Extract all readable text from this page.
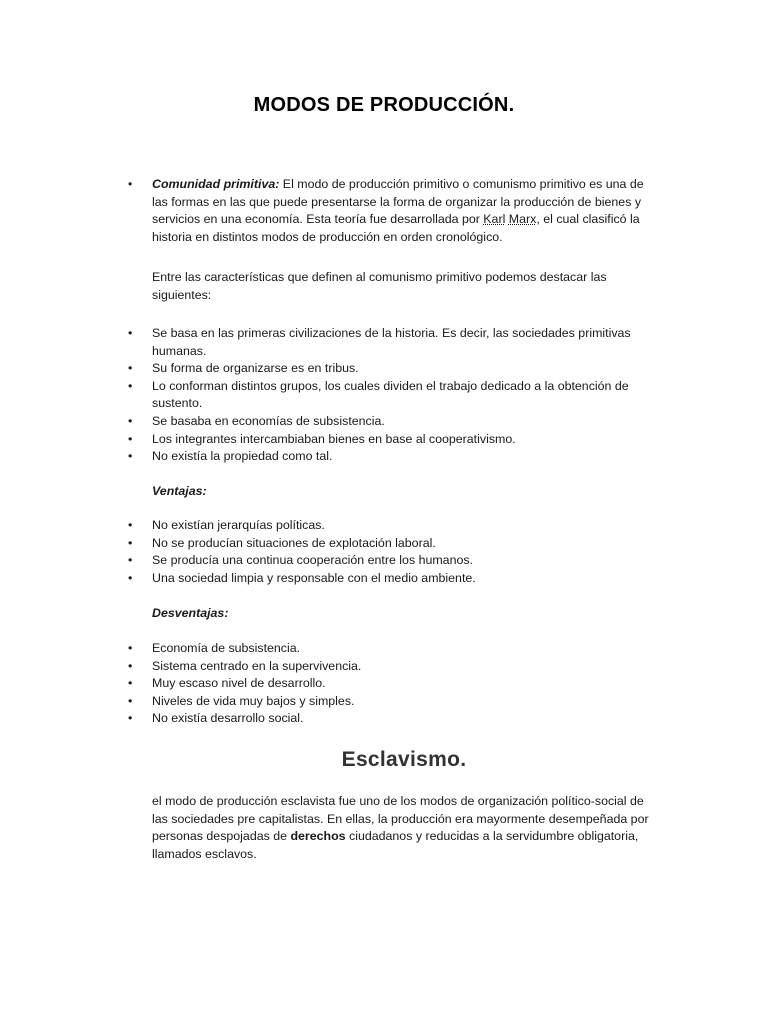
MODOS DE PRODUCCIÓN.
• Comunidad primitiva: El modo de producción primitivo o comunismo primitivo es una de las formas en las que puede presentarse la forma de organizar la producción de bienes y servicios en una economía. Esta teoría fue desarrollada por Karl Marx, el cual clasificó la historia en distintos modos de producción en orden cronológico.
Entre las características que definen al comunismo primitivo podemos destacar las siguientes:
• Se basa en las primeras civilizaciones de la historia. Es decir, las sociedades primitivas humanas.
• Su forma de organizarse es en tribus.
• Lo conforman distintos grupos, los cuales dividen el trabajo dedicado a la obtención de sustento.
• Se basaba en economías de subsistencia.
• Los integrantes intercambiaban bienes en base al cooperativismo.
• No existía la propiedad como tal.
Ventajas:
• No existían jerarquías políticas.
• No se producían situaciones de explotación laboral.
• Se producía una continua cooperación entre los humanos.
• Una sociedad limpia y responsable con el medio ambiente.
Desventajas:
• Economía de subsistencia.
• Sistema centrado en la supervivencia.
• Muy escaso nivel de desarrollo.
• Niveles de vida muy bajos y simples.
• No existía desarrollo social.
Esclavismo.
el modo de producción esclavista fue uno de los modos de organización político-social de las sociedades pre capitalistas. En ellas, la producción era mayormente desempeñada por personas despojadas de derechos ciudadanos y reducidas a la servidumbre obligatoria, llamados esclavos.
